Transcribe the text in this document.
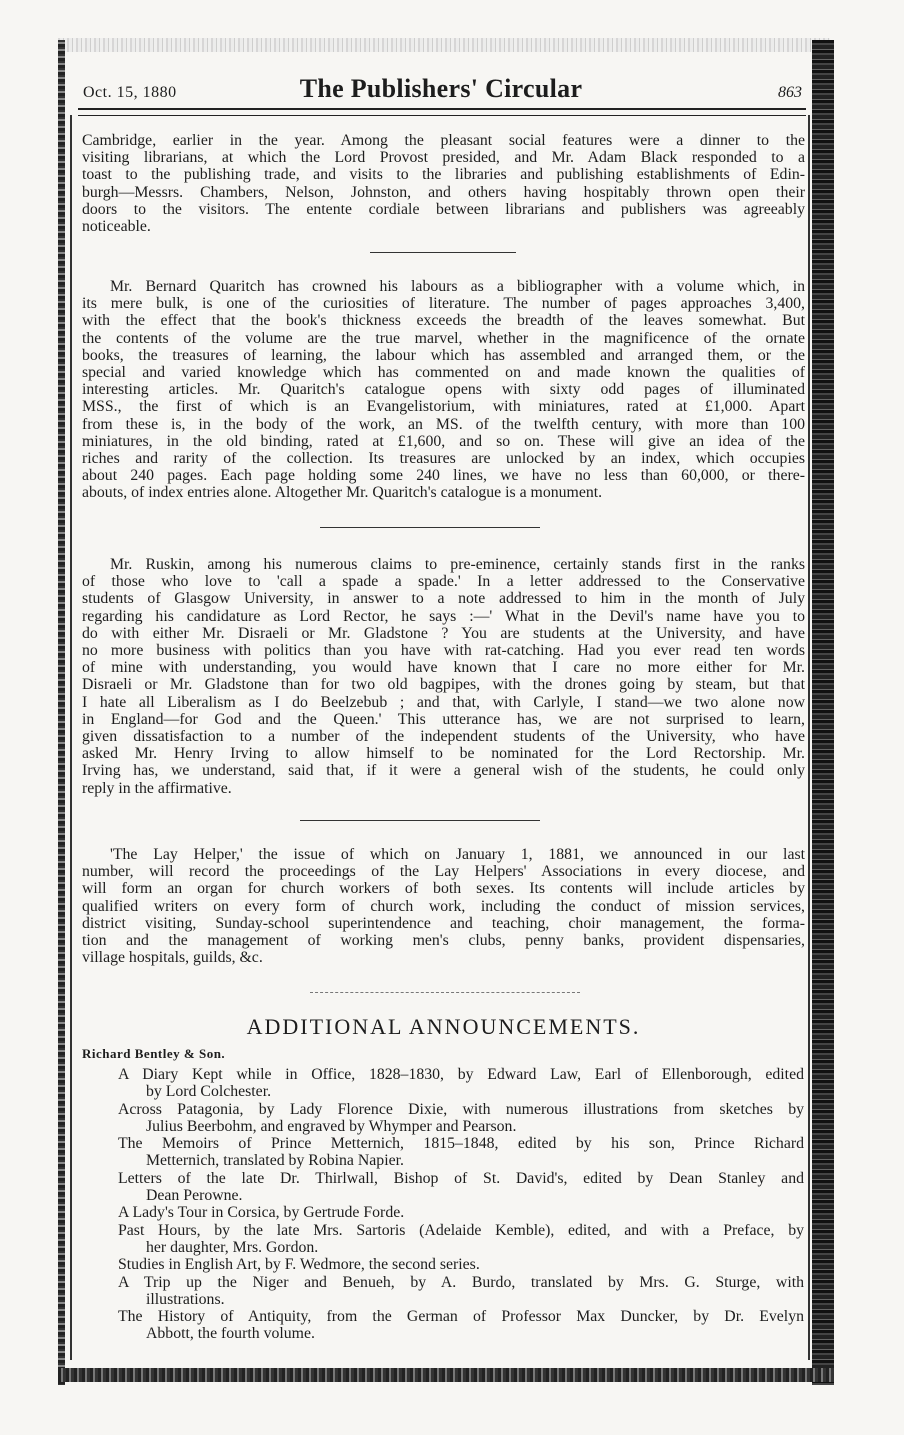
Oct. 15, 1880	The Publishers' Circular	863

Cambridge, earlier in the year. Among the pleasant social features were a dinner to the
visiting librarians, at which the Lord Provost presided, and Mr. Adam Black responded to a
toast to the publishing trade, and visits to the libraries and publishing establishments of Edin-
burgh—Messrs. Chambers, Nelson, Johnston, and others having hospitably thrown open their
doors to the visitors. The entente cordiale between librarians and publishers was agreeably
noticeable.

Mr. Bernard Quaritch has crowned his labours as a bibliographer with a volume which, in
its mere bulk, is one of the curiosities of literature. The number of pages approaches 3,400,
with the effect that the book's thickness exceeds the breadth of the leaves somewhat. But
the contents of the volume are the true marvel, whether in the magnificence of the ornate
books, the treasures of learning, the labour which has assembled and arranged them, or the
special and varied knowledge which has commented on and made known the qualities of
interesting articles. Mr. Quaritch's catalogue opens with sixty odd pages of illuminated
MSS., the first of which is an Evangelistorium, with miniatures, rated at £1,000. Apart
from these is, in the body of the work, an MS. of the twelfth century, with more than 100
miniatures, in the old binding, rated at £1,600, and so on. These will give an idea of the
riches and rarity of the collection. Its treasures are unlocked by an index, which occupies
about 240 pages. Each page holding some 240 lines, we have no less than 60,000, or there-
abouts, of index entries alone. Altogether Mr. Quaritch's catalogue is a monument.

Mr. Ruskin, among his numerous claims to pre-eminence, certainly stands first in the ranks
of those who love to 'call a spade a spade.' In a letter addressed to the Conservative
students of Glasgow University, in answer to a note addressed to him in the month of July
regarding his candidature as Lord Rector, he says :—' What in the Devil's name have you to
do with either Mr. Disraeli or Mr. Gladstone ? You are students at the University, and have
no more business with politics than you have with rat-catching. Had you ever read ten words
of mine with understanding, you would have known that I care no more either for Mr.
Disraeli or Mr. Gladstone than for two old bagpipes, with the drones going by steam, but that
I hate all Liberalism as I do Beelzebub ; and that, with Carlyle, I stand—we two alone now
in England—for God and the Queen.' This utterance has, we are not surprised to learn,
given dissatisfaction to a number of the independent students of the University, who have
asked Mr. Henry Irving to allow himself to be nominated for the Lord Rectorship. Mr.
Irving has, we understand, said that, if it were a general wish of the students, he could only
reply in the affirmative.

'The Lay Helper,' the issue of which on January 1, 1881, we announced in our last
number, will record the proceedings of the Lay Helpers' Associations in every diocese, and
will form an organ for church workers of both sexes. Its contents will include articles by
qualified writers on every form of church work, including the conduct of mission services,
district visiting, Sunday-school superintendence and teaching, choir management, the forma-
tion and the management of working men's clubs, penny banks, provident dispensaries,
village hospitals, guilds, &c.

ADDITIONAL ANNOUNCEMENTS.
Richard Bentley & Son.
A Diary Kept while in Office, 1828–1830, by Edward Law, Earl of Ellenborough, edited
by Lord Colchester.
Across Patagonia, by Lady Florence Dixie, with numerous illustrations from sketches by
Julius Beerbohm, and engraved by Whymper and Pearson.
The Memoirs of Prince Metternich, 1815–1848, edited by his son, Prince Richard
Metternich, translated by Robina Napier.
Letters of the late Dr. Thirlwall, Bishop of St. David's, edited by Dean Stanley and
Dean Perowne.
A Lady's Tour in Corsica, by Gertrude Forde.
Past Hours, by the late Mrs. Sartoris (Adelaide Kemble), edited, and with a Preface, by
her daughter, Mrs. Gordon.
Studies in English Art, by F. Wedmore, the second series.
A Trip up the Niger and Benueh, by A. Burdo, translated by Mrs. G. Sturge, with
illustrations.
The History of Antiquity, from the German of Professor Max Duncker, by Dr. Evelyn
Abbott, the fourth volume.
